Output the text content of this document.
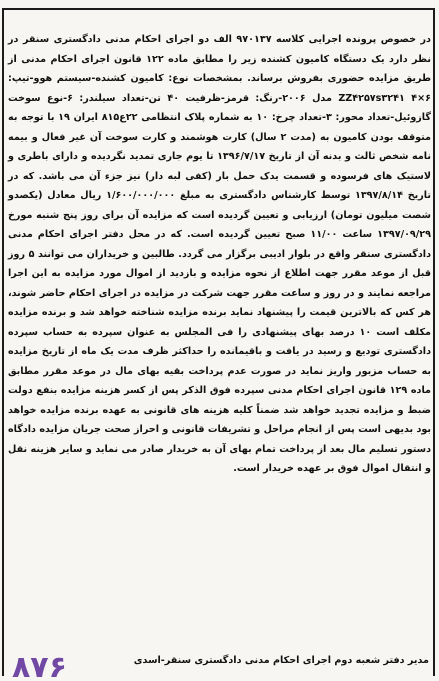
در خصوص پرونده اجرایی کلاسه ۹۷۰۱۳۷ الف دو اجرای احکام مدنی دادگستری سنقر در نظر دارد یک دستگاه کامیون کشنده زیر را مطابق ماده ۱۲۲ قانون اجرای احکام مدنی از طریق مزایده حضوری بفروش برساند. بمشخصات نوع: کامیون کشنده-سیستم هوو-تیپ: ۶×۴ ZZ۴۲۵۷s۳۲۴۱ مدل ۲۰۰۶-رنگ: قرمز-ظرفیت ۴۰ تن-تعداد سیلندر: ۶-نوع سوخت گازوئیل-تعداد محور: ۳-تعداد چرخ: ۱۰ به شماره پلاک انتظامی ۲۲ع۸۱۵ ایران ۱۹ با توجه به متوقف بودن کامیون به (مدت ۲ سال) کارت هوشمند و کارت سوخت آن غیر فعال و بیمه نامه شخص ثالث و بدنه آن از تاریخ ۱۳۹۶/۷/۱۷ تا یوم جاری تمدید نگردیده و دارای باطری و لاستیک های فرسوده و قسمت یدک حمل بار (کفی لبه دار) نیز جزء آن می باشد. که در تاریخ ۱۳۹۷/۸/۱۴ توسط کارشناس دادگستری به مبلغ ۱/۶۰۰/۰۰۰/۰۰۰ ریال معادل (یکصدو شصت میلیون تومان) ارزیابی و تعیین گردیده است که مزایده آن برای روز پنج شنبه مورخ ۱۳۹۷/۰۹/۲۹ ساعت ۱۱/۰۰ صبح تعیین گردیده است. که در محل دفتر اجرای احکام مدنی دادگستری سنقر واقع در بلوار ادیبی برگزار می گردد. طالبین و خریداران می توانند ۵ روز قبل از موعد مقرر جهت اطلاع از نحوه مزایده و بازدید از اموال مورد مزایده به این اجرا مراجعه نمایند و در روز و ساعت مقرر جهت شرکت در مزایده در اجرای احکام حاضر شوند، هر کس که بالاترین قیمت را پیشنهاد نماید برنده مزایده شناخته خواهد شد و برنده مزایده مکلف است ۱۰ درصد بهای پیشنهادی را فی المجلس به عنوان سپرده به حساب سپرده دادگستری تودیع و رسید در یافت و باقیمانده را حداکثر ظرف مدت یک ماه از تاریخ مزایده به حساب مزبور واریز نماید در صورت عدم پرداخت بقیه بهای مال در موعد مقرر مطابق ماده ۱۲۹ قانون اجرای احکام مدنی سپرده فوق الذکر پس از کسر هزینه مزایده بنفع دولت ضبط و مزایده تجدید خواهد شد ضمناً کلیه هزینه های قانونی به عهده برنده مزایده خواهد بود بدیهی است پس از انجام مراحل و تشریفات قانونی و احراز صحت جریان مزایده دادگاه دستور تسلیم مال بعد از پرداخت تمام بهای آن به خریدار صادر می نماید و سایر هزینه نقل و انتقال اموال فوق بر عهده خریدار است.

مدیر دفتر شعبه دوم اجرای احکام مدنی دادگستری سنقر-اسدی
۸۷۶
